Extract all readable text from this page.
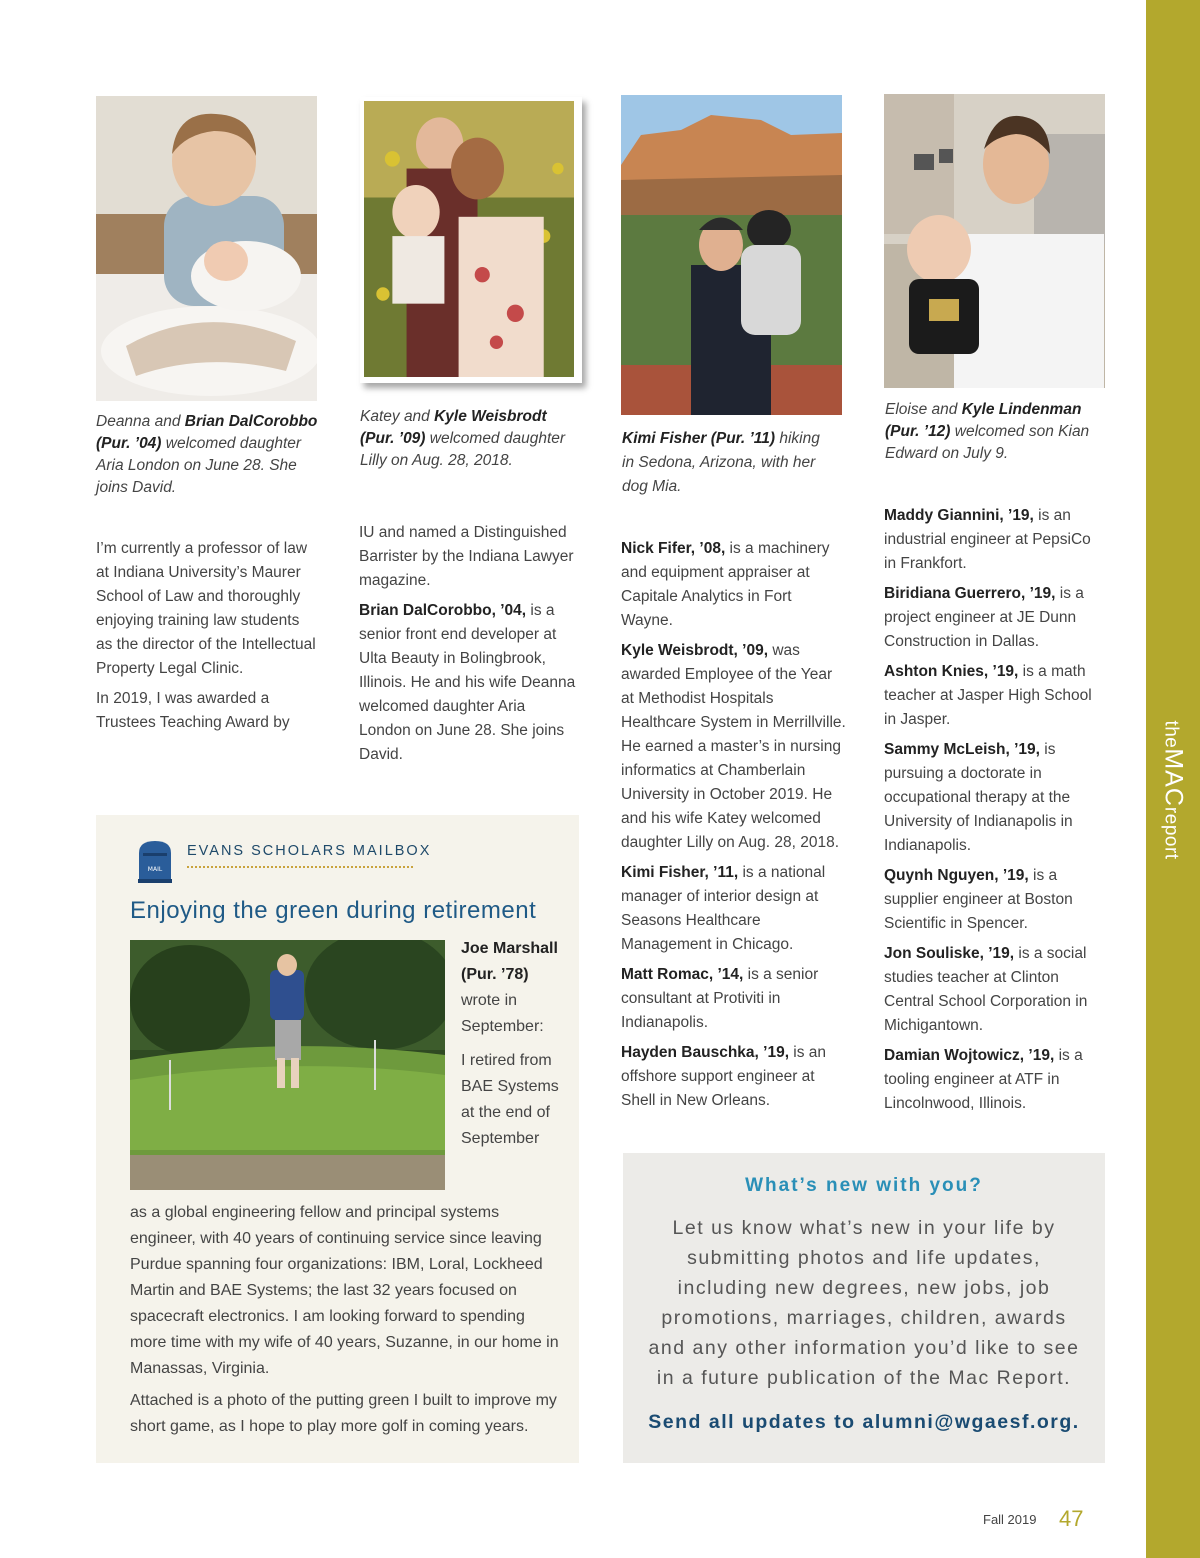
theMACreport
Deanna and Brian DalCorobbo (Pur. ’04) welcomed daughter Aria London on June 28. She joins David.
Katey and Kyle Weisbrodt (Pur. ’09) welcomed daughter Lilly on Aug. 28, 2018.
Kimi Fisher (Pur. ’11) hiking in Sedona, Arizona, with her dog Mia.
Eloise and Kyle Lindenman (Pur. ’12) welcomed son Kian Edward on July 9.

I’m currently a professor of law at Indiana University’s Maurer School of Law and thoroughly enjoying training law students as the director of the Intellectual Property Legal Clinic.

In 2019, I was awarded a Trustees Teaching Award by

IU and named a Distinguished Barrister by the Indiana Lawyer magazine.

Brian DalCorobbo, ’04, is a senior front end developer at Ulta Beauty in Bolingbrook, Illinois. He and his wife Deanna welcomed daughter Aria London on June 28. She joins David.

Nick Fifer, ’08, is a machinery and equipment appraiser at Capitale Analytics in Fort Wayne.

Kyle Weisbrodt, ’09, was awarded Employee of the Year at Methodist Hospitals Healthcare System in Merrillville. He earned a master’s in nursing informatics at Chamberlain University in October 2019. He and his wife Katey welcomed daughter Lilly on Aug. 28, 2018.

Kimi Fisher, ’11, is a national manager of interior design at Seasons Healthcare Management in Chicago.

Matt Romac, ’14, is a senior consultant at Protiviti in Indianapolis.

Hayden Bauschka, ’19, is an offshore support engineer at Shell in New Orleans.

Maddy Giannini, ’19, is an industrial engineer at PepsiCo in Frankfort.

Biridiana Guerrero, ’19, is a project engineer at JE Dunn Construction in Dallas.

Ashton Knies, ’19, is a math teacher at Jasper High School in Jasper.

Sammy McLeish, ’19, is pursuing a doctorate in occupational therapy at the University of Indianapolis in Indianapolis.

Quynh Nguyen, ’19, is a supplier engineer at Boston Scientific in Spencer.

Jon Souliske, ’19, is a social studies teacher at Clinton Central School Corporation in Michigantown.

Damian Wojtowicz, ’19, is a tooling engineer at ATF in Lincolnwood, Illinois.

MAIL
EVANS SCHOLARS MAILBOX
Enjoying the green during retirement
Joe Marshall (Pur. ’78) wrote in September:
I retired from BAE Systems at the end of September

as a global engineering fellow and principal systems engineer, with 40 years of continuing service since leaving Purdue spanning four organizations: IBM, Loral, Lockheed Martin and BAE Systems; the last 32 years focused on spacecraft electronics. I am looking forward to spending more time with my wife of 40 years, Suzanne, in our home in Manassas, Virginia.

Attached is a photo of the putting green I built to improve my short game, as I hope to play more golf in coming years.

What’s new with you?
Let us know what’s new in your life by submitting photos and life updates, including new degrees, new jobs, job promotions, marriages, children, awards and any other information you’d like to see in a future publication of the Mac Report.
Send all updates to alumni@wgaesf.org.
Fall 2019 47
